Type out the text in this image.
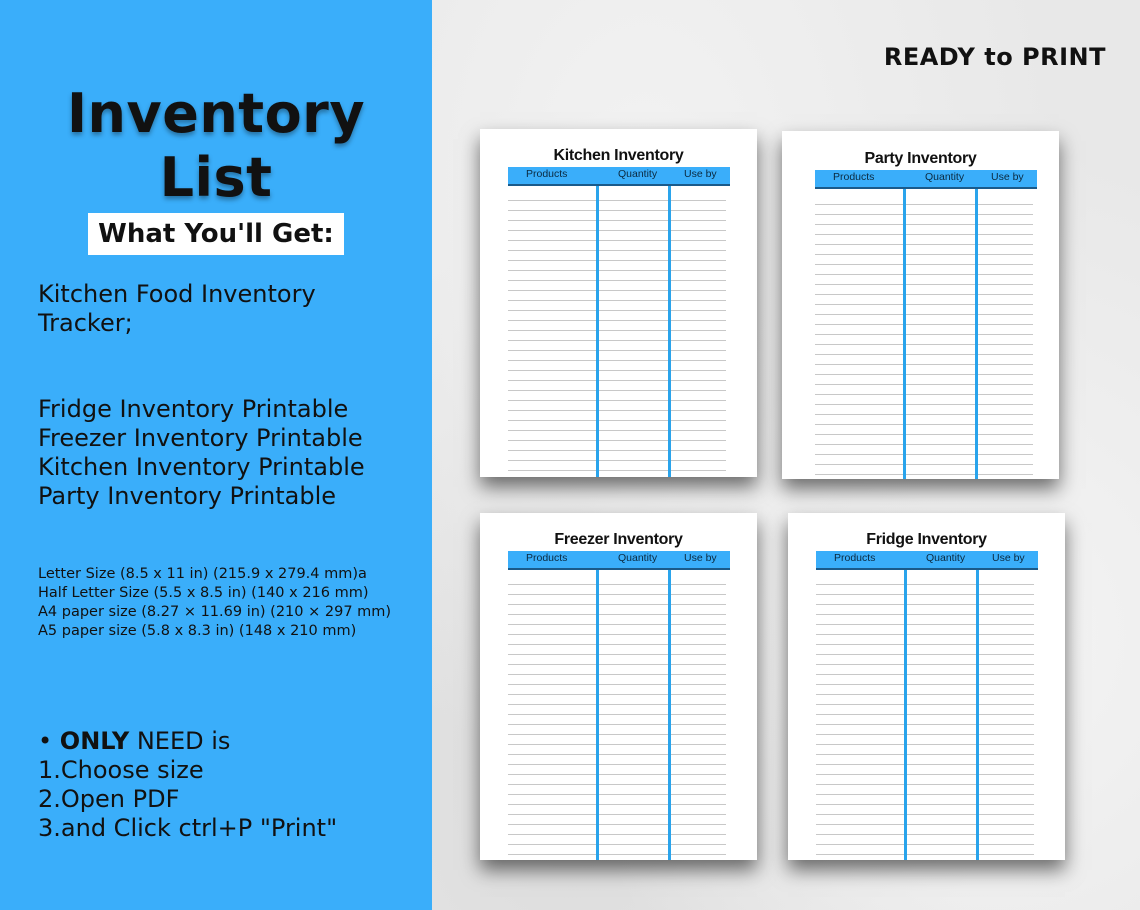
Inventory
List
What You'll Get:
Kitchen Food Inventory
Tracker;
Fridge Inventory Printable
Freezer Inventory Printable
Kitchen Inventory Printable
Party Inventory Printable
Letter Size (8.5 x 11 in) (215.9 x 279.4 mm)a
Half Letter Size (5.5 x 8.5 in) (140 x 216 mm)
A4 paper size (8.27 × 11.69 in) (210 × 297 mm)
A5 paper size (5.8 x 8.3 in) (148 x 210 mm)
• ONLY NEED is
1.Choose size
2.Open PDF
3.and Click ctrl+P "Print"
READY to PRINT
Kitchen Inventory
Products	Quantity	Use by
Party Inventory
Products	Quantity	Use by
Freezer Inventory
Products	Quantity	Use by
Fridge Inventory
Products	Quantity	Use by
